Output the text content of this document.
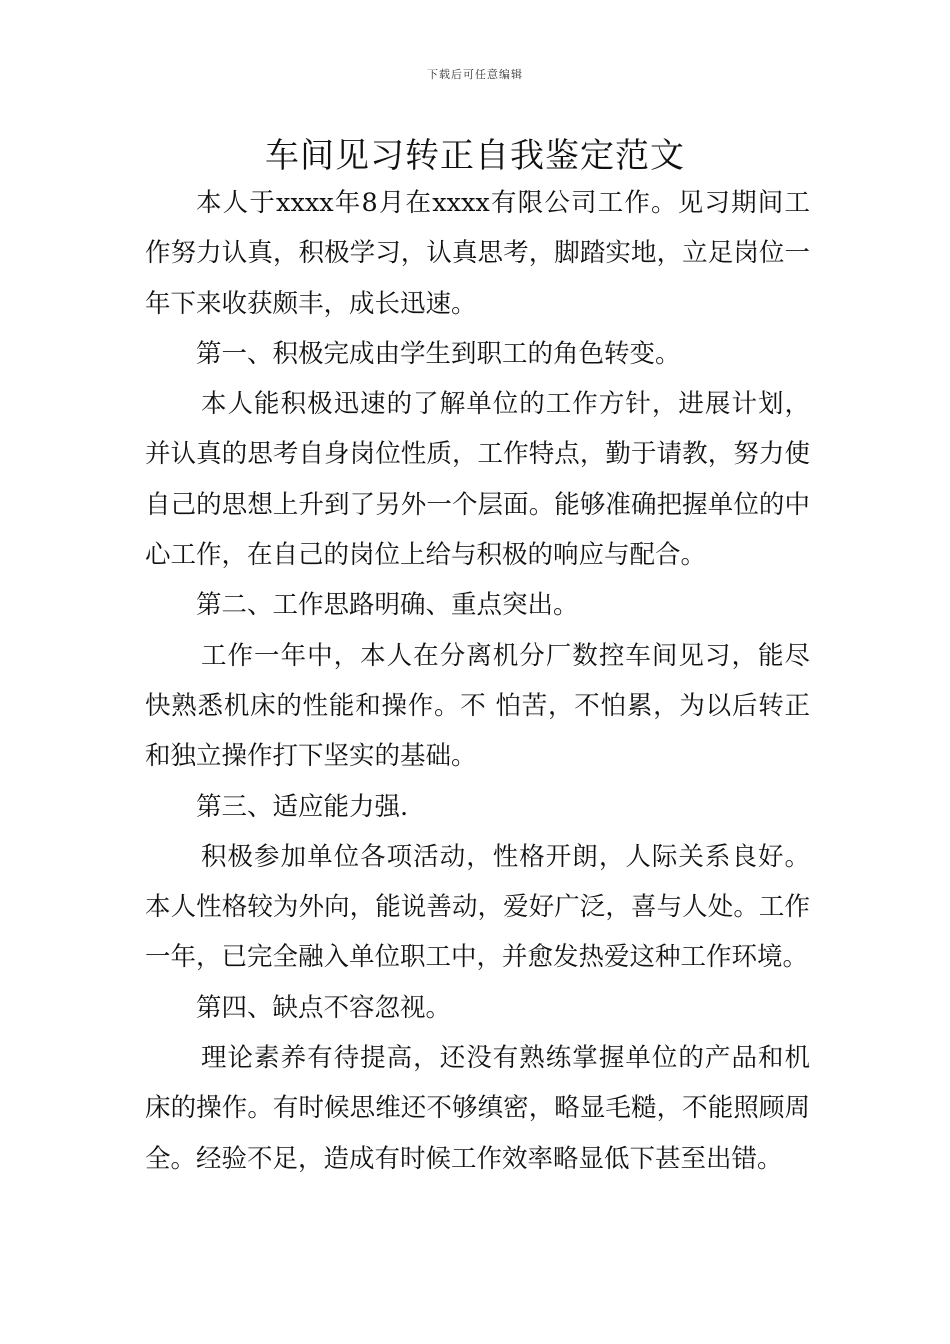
下载后可任意编辑
车间见习转正自我鉴定范文

本人于xxxx年8月在xxxx有限公司工作。见习期间工作努力认真，积极学习，认真思考，脚踏实地，立足岗位一年下来收获颇丰，成长迅速。

第一、积极完成由学生到职工的角色转变。

本人能积极迅速的了解单位的工作方针，进展计划，并认真的思考自身岗位性质，工作特点，勤于请教，努力使自己的思想上升到了另外一个层面。能够准确把握单位的中心工作，在自己的岗位上给与积极的响应与配合。

第二、工作思路明确、重点突出。

工作一年中，本人在分离机分厂数控车间见习，能尽快熟悉机床的性能和操作。不 怕苦，不怕累，为以后转正和独立操作打下坚实的基础。

第三、适应能力强.

积极参加单位各项活动，性格开朗，人际关系良好。本人性格较为外向，能说善动，爱好广泛，喜与人处。工作一年，已完全融入单位职工中，并愈发热爱这种工作环境。

第四、缺点不容忽视。

理论素养有待提高，还没有熟练掌握单位的产品和机床的操作。有时候思维还不够缜密，略显毛糙，不能照顾周全。经验不足，造成有时候工作效率略显低下甚至出错。
